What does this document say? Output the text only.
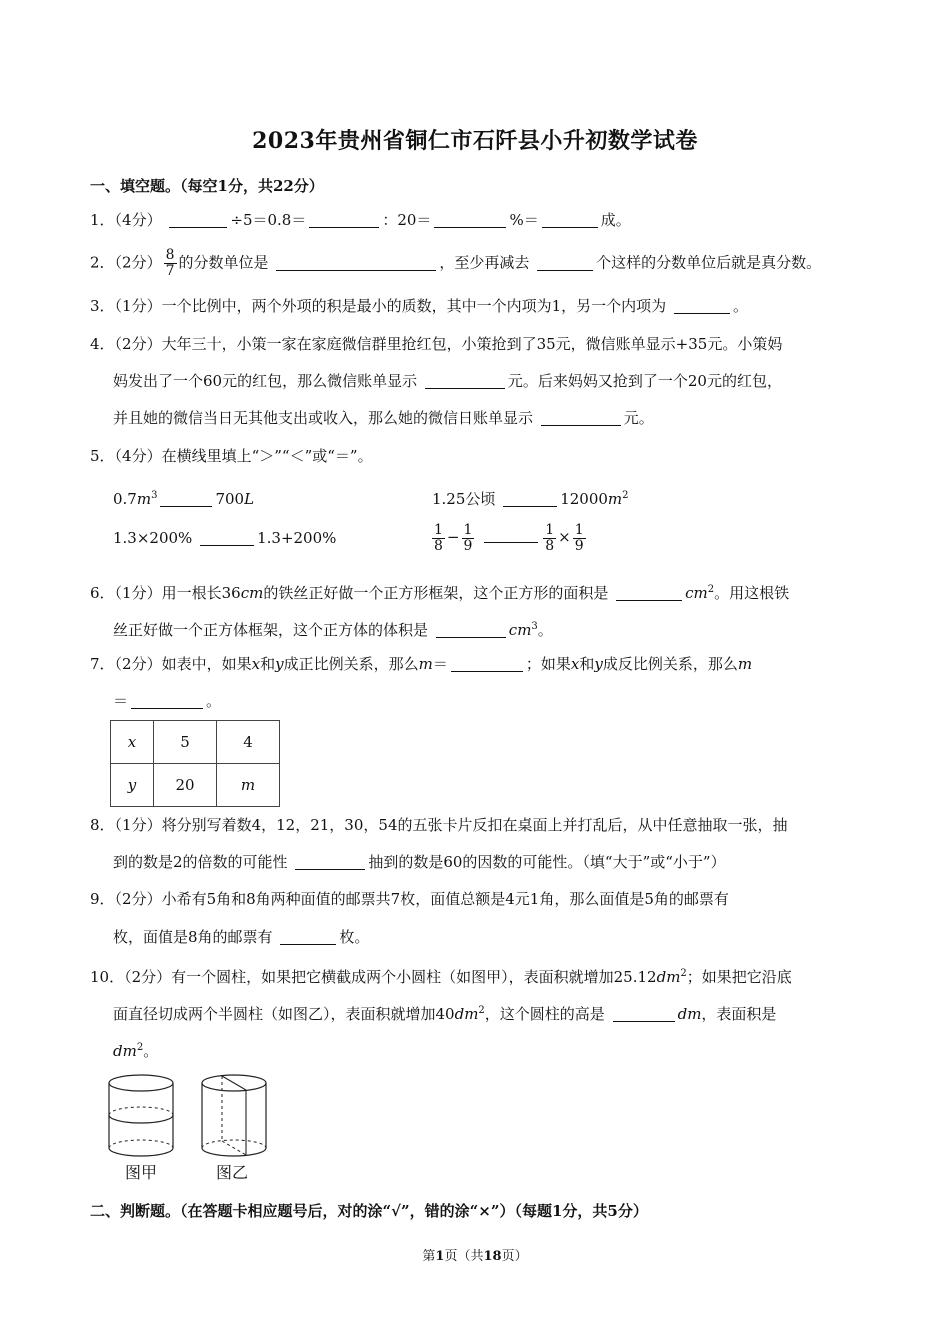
2023年贵州省铜仁市石阡县小升初数学试卷
一、填空题。（每空1分，共22分）
1．（4分）	÷5＝0.8＝	：20＝	%＝	成。
2．（2分） $\frac{8}{7}$ 的分数单位是	，至少再减去	个这样的分数单位后就是真分数。
3．（1分）一个比例中，两个外项的积是最小的质数，其中一个内项为1，另一个内项为	。
4．（2分）大年三十，小策一家在家庭微信群里抢红包，小策抢到了35元，微信账单显示+35元。小策妈
妈发出了一个60元的红包，那么微信账单显示	元。后来妈妈又抢到了一个20元的红包，
并且她的微信当日无其他支出或收入，那么她的微信日账单显示	元。
5．（4分）在横线里填上“＞”“＜”或“＝”。
$0.7m^3$	700L	1.25公顷	$12000m^2$
1.3×200%	1.3+200%	$\frac{1}{8} - \frac{1}{9}$
	$\frac{1}{8} \times \frac{1}{9}$
6．（1分）用一根长36cm的铁丝正好做一个正方形框架，这个正方形的面积是	$cm^2$。用这根铁
丝正好做一个正方体框架，这个正方体的体积是	$cm^3$。
7．（2分）如表中，如果x和y成正比例关系，那么m＝	；如果x和y成反比例关系，那么m
＝	。
x	5	4
y	20	m
8．（1分）将分别写着数4，12，21，30，54的五张卡片反扣在桌面上并打乱后，从中任意抽取一张，抽
到的数是2的倍数的可能性	抽到的数是60的因数的可能性。（填“大于”或“小于”）
9．（2分）小希有5角和8角两种面值的邮票共7枚，面值总额是4元1角，那么面值是5角的邮票有
枚，面值是8角的邮票有	枚。
10．（2分）有一个圆柱，如果把它横截成两个小圆柱（如图甲），表面积就增加$25.12dm^2$；如果把它沿底
面直径切成两个半圆柱（如图乙），表面积就增加$40dm^2$，这个圆柱的高是	dm，表面积是
$dm^2$。
图甲	图乙
二、判断题。（在答题卡相应题号后，对的涂“√”，错的涂“×”）（每题1分，共5分）
第1页（共18页）
